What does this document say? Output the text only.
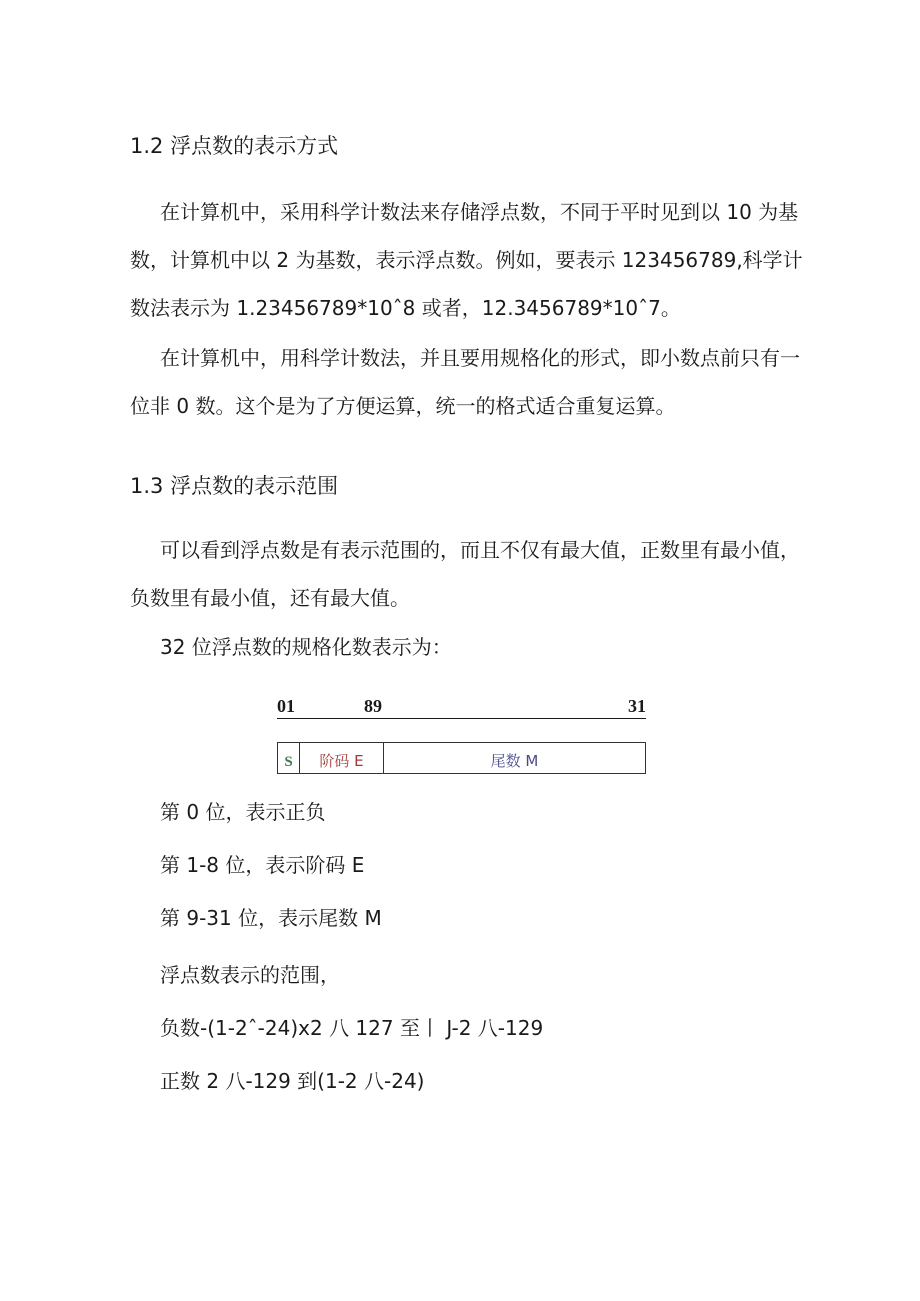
1.2 浮点数的表示方式
在计算机中，采用科学计数法来存储浮点数，不同于平时见到以 10 为基
数，计算机中以 2 为基数，表示浮点数。例如，要表示 123456789,科学计
数法表示为 1.23456789*10ˆ8 或者，12.3456789*10ˆ7。
在计算机中，用科学计数法，并且要用规格化的形式，即小数点前只有一
位非 0 数。这个是为了方便运算，统一的格式适合重复运算。
1.3 浮点数的表示范围
可以看到浮点数是有表示范围的，而且不仅有最大值，正数里有最小值，
负数里有最小值，还有最大值。
32 位浮点数的规格化数表示为：
01	89	31
S	阶码 E	尾数 M
第 0 位，表示正负
第 1-8 位，表示阶码 E
第 9-31 位，表示尾数 M
浮点数表示的范围，
负数-(1-2ˆ-24)x2 八 127 至丨 J-2 八-129
正数 2 八-129 到(1-2 八-24)
